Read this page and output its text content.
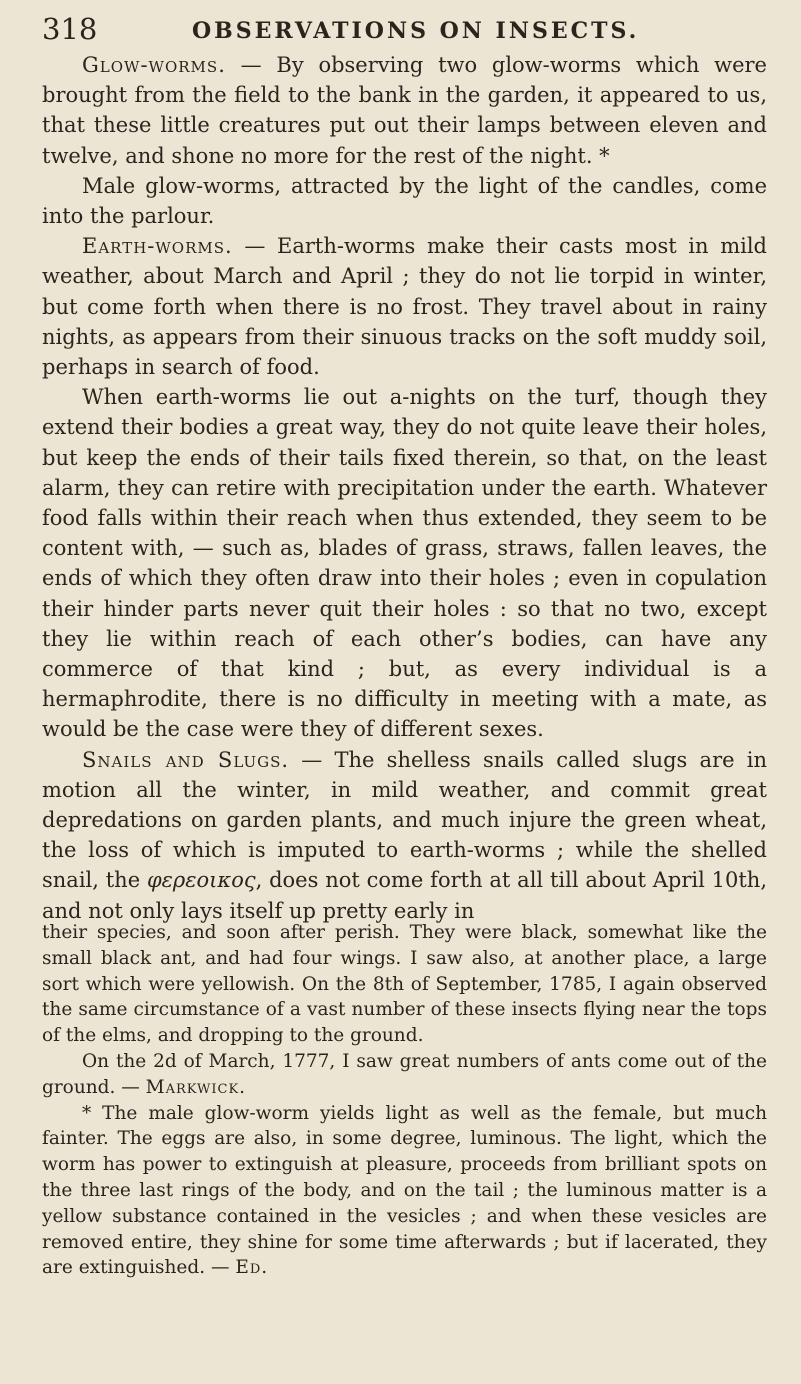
318	OBSERVATIONS ON INSECTS.

Glow-worms. — By observing two glow-worms which were brought from the field to the bank in the garden, it appeared to us, that these little creatures put out their lamps between eleven and twelve, and shone no more for the rest of the night. *

Male glow-worms, attracted by the light of the candles, come into the parlour.

Earth-worms. — Earth-worms make their casts most in mild weather, about March and April ; they do not lie torpid in winter, but come forth when there is no frost. They travel about in rainy nights, as appears from their sinuous tracks on the soft muddy soil, perhaps in search of food.

When earth-worms lie out a-nights on the turf, though they extend their bodies a great way, they do not quite leave their holes, but keep the ends of their tails fixed therein, so that, on the least alarm, they can retire with precipitation under the earth. Whatever food falls within their reach when thus extended, they seem to be content with, — such as, blades of grass, straws, fallen leaves, the ends of which they often draw into their holes ; even in copulation their hinder parts never quit their holes : so that no two, except they lie within reach of each other’s bodies, can have any commerce of that kind ; but, as every individual is a hermaphrodite, there is no difficulty in meeting with a mate, as would be the case were they of different sexes.

Snails and Slugs. — The shelless snails called slugs are in motion all the winter, in mild weather, and commit great depredations on garden plants, and much injure the green wheat, the loss of which is imputed to earth-worms ; while the shelled snail, the φερεοικος, does not come forth at all till about April 10th, and not only lays itself up pretty early in

their species, and soon after perish. They were black, somewhat like the small black ant, and had four wings. I saw also, at another place, a large sort which were yellowish. On the 8th of September, 1785, I again observed the same circumstance of a vast number of these insects flying near the tops of the elms, and dropping to the ground.

On the 2d of March, 1777, I saw great numbers of ants come out of the ground. — Markwick.

* The male glow-worm yields light as well as the female, but much fainter. The eggs are also, in some degree, luminous. The light, which the worm has power to extinguish at pleasure, proceeds from brilliant spots on the three last rings of the body, and on the tail ; the luminous matter is a yellow substance contained in the vesicles ; and when these vesicles are removed entire, they shine for some time afterwards ; but if lacerated, they are extinguished. — Ed.
